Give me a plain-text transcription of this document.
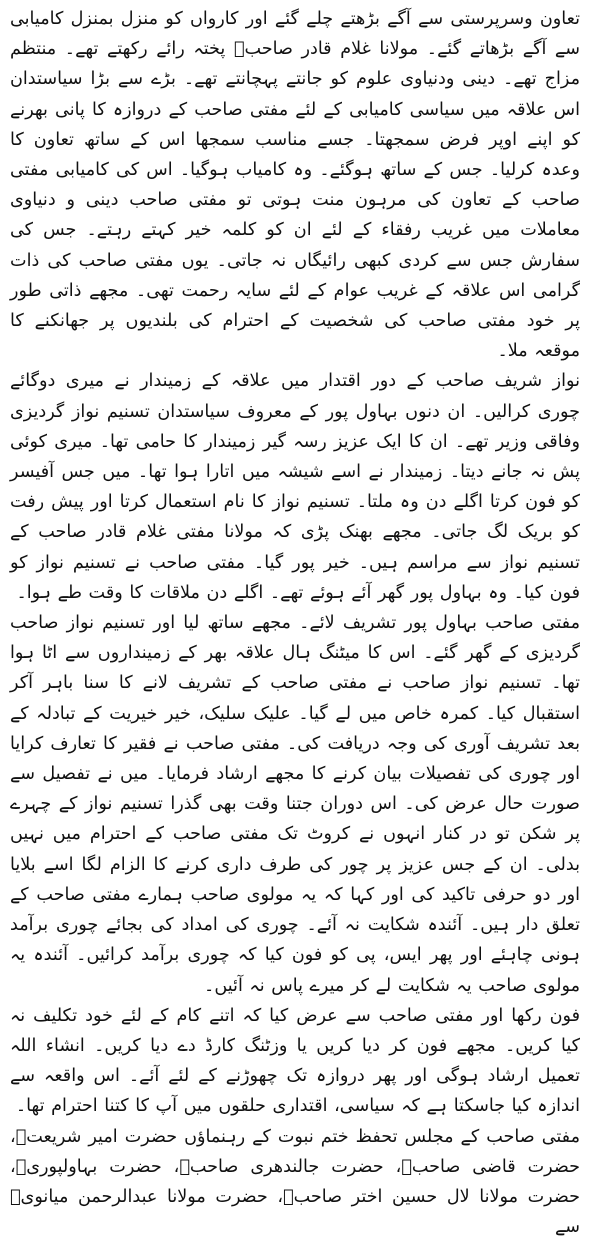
تعاون وسرپرستی سے آگے بڑھتے چلے گئے اور کارواں کو منزل بمنزل کامیابی سے آگے بڑھاتے گئے۔ مولانا غلام قادر صاحبؒ پختہ رائے رکھتے تھے۔ منتظم مزاج تھے۔ دینی ودنیاوی علوم کو جانتے پہچانتے تھے۔ بڑے سے بڑا سیاستدان اس علاقہ میں سیاسی کامیابی کے لئے مفتی صاحب کے دروازہ کا پانی بھرنے کو اپنے اوپر فرض سمجھتا۔ جسے مناسب سمجھا اس کے ساتھ تعاون کا وعدہ کرلیا۔ جس کے ساتھ ہوگئے۔ وہ کامیاب ہوگیا۔ اس کی کامیابی مفتی صاحب کے تعاون کی مرہون منت ہوتی تو مفتی صاحب دینی و دنیاوی معاملات میں غریب رفقاء کے لئے ان کو کلمہ خیر کہتے رہتے۔ جس کی سفارش جس سے کردی کبھی رائیگاں نہ جاتی۔ یوں مفتی صاحب کی ذات گرامی اس علاقہ کے غریب عوام کے لئے سایہ رحمت تھی۔ مجھے ذاتی طور پر خود مفتی صاحب کی شخصیت کے احترام کی بلندیوں پر جھانکنے کا موقعہ ملا۔

نواز شریف صاحب کے دور اقتدار میں علاقہ کے زمیندار نے میری دوگائے چوری کرالیں۔ ان دنوں بہاول پور کے معروف سیاستدان تسنیم نواز گردیزی وفاقی وزیر تھے۔ ان کا ایک عزیز رسہ گیر زمیندار کا حامی تھا۔ میری کوئی پش نہ جانے دیتا۔ زمیندار نے اسے شیشہ میں اتارا ہوا تھا۔ میں جس آفیسر کو فون کرتا اگلے دن وہ ملتا۔ تسنیم نواز کا نام استعمال کرتا اور پیش رفت کو بریک لگ جاتی۔ مجھے بھنک پڑی کہ مولانا مفتی غلام قادر صاحب کے تسنیم نواز سے مراسم ہیں۔ خیر پور گیا۔ مفتی صاحب نے تسنیم نواز کو فون کیا۔ وہ بہاول پور گھر آئے ہوئے تھے۔ اگلے دن ملاقات کا وقت طے ہوا۔

مفتی صاحب بہاول پور تشریف لائے۔ مجھے ساتھ لیا اور تسنیم نواز صاحب گردیزی کے گھر گئے۔ اس کا میٹنگ ہال علاقہ بھر کے زمینداروں سے اٹا ہوا تھا۔ تسنیم نواز صاحب نے مفتی صاحب کے تشریف لانے کا سنا باہر آکر استقبال کیا۔ کمرہ خاص میں لے گیا۔ علیک سلیک، خیر خیریت کے تبادلہ کے بعد تشریف آوری کی وجہ دریافت کی۔ مفتی صاحب نے فقیر کا تعارف کرایا اور چوری کی تفصیلات بیان کرنے کا مجھے ارشاد فرمایا۔ میں نے تفصیل سے صورت حال عرض کی۔ اس دوران جتنا وقت بھی گذرا تسنیم نواز کے چہرے پر شکن تو در کنار انہوں نے کروٹ تک مفتی صاحب کے احترام میں نہیں بدلی۔ ان کے جس عزیز پر چور کی طرف داری کرنے کا الزام لگا اسے بلایا اور دو حرفی تاکید کی اور کہا کہ یہ مولوی صاحب ہمارے مفتی صاحب کے تعلق دار ہیں۔ آئندہ شکایت نہ آئے۔ چوری کی امداد کی بجائے چوری برآمد ہونی چاہئے اور پھر ایس، پی کو فون کیا کہ چوری برآمد کرائیں۔ آئندہ یہ مولوی صاحب یہ شکایت لے کر میرے پاس نہ آئیں۔

فون رکھا اور مفتی صاحب سے عرض کیا کہ اتنے کام کے لئے خود تکلیف نہ کیا کریں۔ مجھے فون کر دیا کریں یا وزٹنگ کارڈ دے دیا کریں۔ انشاء اللہ تعمیل ارشاد ہوگی اور پھر دروازہ تک چھوڑنے کے لئے آئے۔ اس واقعہ سے اندازہ کیا جاسکتا ہے کہ سیاسی، اقتداری حلقوں میں آپ کا کتنا احترام تھا۔

مفتی صاحب کے مجلس تحفظ ختم نبوت کے رہنماؤں حضرت امیر شریعتؒ، حضرت قاضی صاحبؒ، حضرت جالندھری صاحبؒ، حضرت بہاولپوریؒ، حضرت مولانا لال حسین اختر صاحبؒ، حضرت مولانا عبدالرحمن میانویؒ سے
